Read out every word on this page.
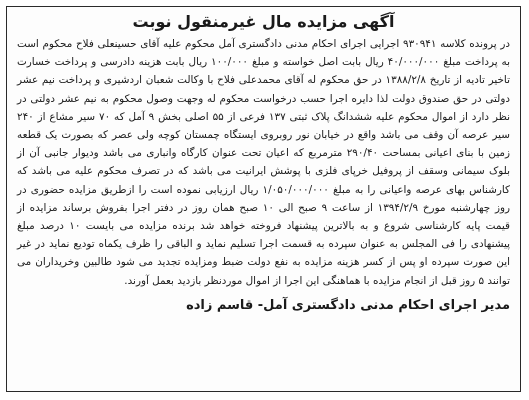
آگهی مزایده مال غیرمنقول نوبت

در پرونده کلاسه ۹۳۰۹۴۱ اجرایی اجرای احکام مدنی دادگستری آمل محکوم علیه آقای حسینعلی فلاح محکوم است به پرداخت مبلغ ۴۰/۰۰۰/۰۰۰ ریال بابت اصل خواسته و مبلغ ۱۰۰/۰۰۰ ریال بابت هزینه دادرسی و پرداخت خسارت تاخیر تادیه از تاریخ ۱۳۸۸/۲/۸ در حق محکوم له آقای محمدعلی فلاح با وکالت شعبان اردشیری و پرداخت نیم عشر دولتی در حق صندوق دولت لذا دایره اجرا حسب درخواست محکوم له وجهت وصول محکوم به نیم عشر دولتی در نظر دارد از اموال محکوم علیه ششدانگ پلاک ثبتی ۱۳۷ فرعی از ۵۵ اصلی بخش ۹ آمل که ۷۰ سیر مشاع از ۲۴۰ سیر عرصه آن وقف می باشد واقع در خیابان نور روبروی ایستگاه چمستان کوچه ولی عصر که بصورت یک قطعه زمین با بنای اعیانی بمساحت ۲۹۰/۴۰ مترمربع که اعیان تحت عنوان کارگاه وانباری می باشد ودیوار جانبی آن از بلوک سیمانی وسقف از پروفیل خرپای فلزی با پوشش ایرانیت می باشد که در تصرف محکوم علیه می باشد که کارشناس بهای عرصه واعیانی را به مبلغ ۱/۰۵۰/۰۰۰/۰۰۰ ریال ارزیابی نموده است را ازطریق مزایده حضوری در روز چهارشنبه مورخ ۱۳۹۴/۲/۹ از ساعت ۹ صبح الی ۱۰ صبح همان روز در دفتر اجرا بفروش برساند مزایده از قیمت پایه کارشناسی شروع و به بالاترین پیشنهاد فروخته خواهد شد برنده مزایده می بایست ۱۰ درصد مبلغ پیشنهادی را فی المجلس به عنوان سپرده به قسمت اجرا تسلیم نماید و الباقی را ظرف یکماه تودیع نماید در غیر این صورت سپرده او پس از کسر هزینه مزایده به نفع دولت ضبط ومزایده تجدید می شود طالبین وخریداران می توانند ۵ روز قبل از انجام مزایده با هماهنگی این اجرا از اموال موردنظر بازدید بعمل آورند.

مدیر اجرای احکام مدنی دادگستری آمل- قاسم زاده
